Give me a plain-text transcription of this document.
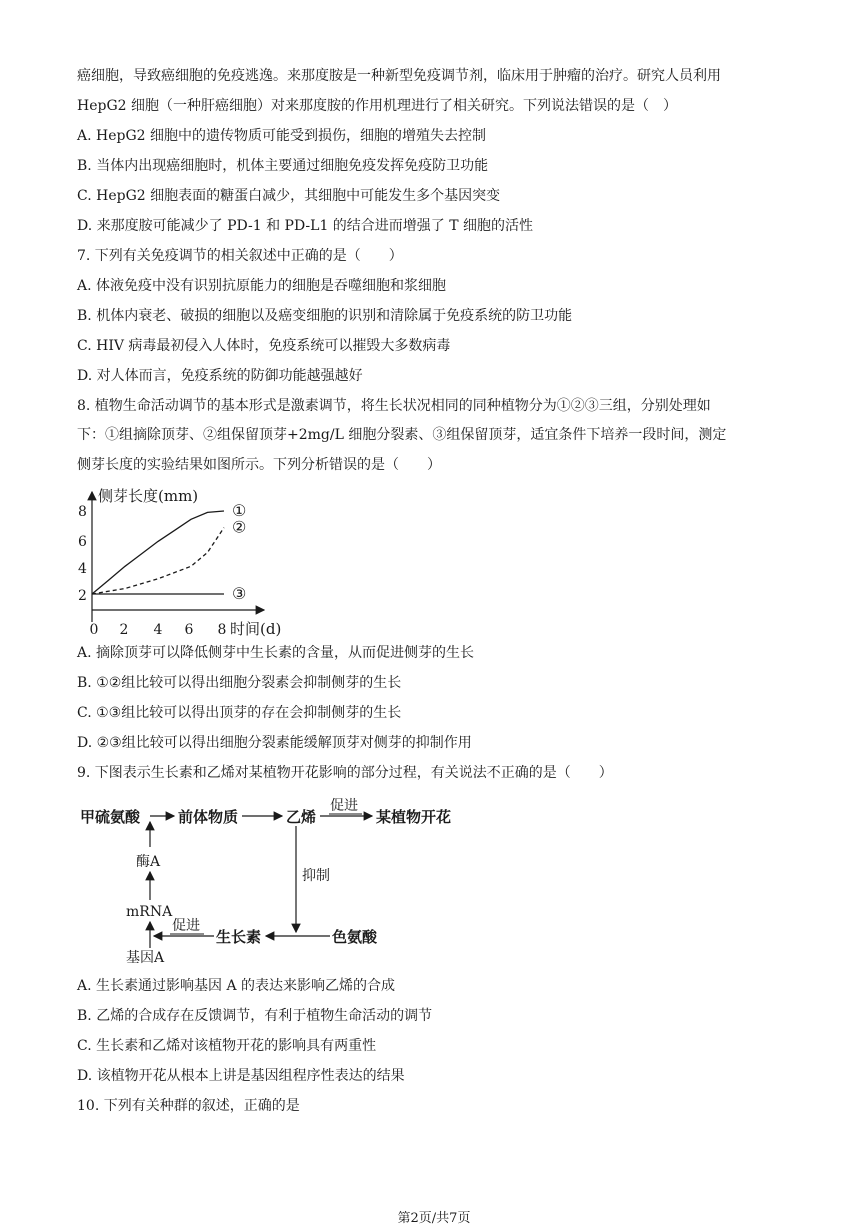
癌细胞，导致癌细胞的免疫逃逸。来那度胺是一种新型免疫调节剂，临床用于肿瘤的治疗。研究人员利用
HepG2 细胞（一种肝癌细胞）对来那度胺的作用机理进行了相关研究。下列说法错误的是（　）
A. HepG2 细胞中的遗传物质可能受到损伤，细胞的增殖失去控制
B. 当体内出现癌细胞时，机体主要通过细胞免疫发挥免疫防卫功能
C. HepG2 细胞表面的糖蛋白减少，其细胞中可能发生多个基因突变
D. 来那度胺可能减少了 PD-1 和 PD-L1 的结合进而增强了 T 细胞的活性
7. 下列有关免疫调节的相关叙述中正确的是（　　）
A. 体液免疫中没有识别抗原能力的细胞是吞噬细胞和浆细胞
B. 机体内衰老、破损的细胞以及癌变细胞的识别和清除属于免疫系统的防卫功能
C. HIV 病毒最初侵入人体时，免疫系统可以摧毁大多数病毒
D. 对人体而言，免疫系统的防御功能越强越好
8. 植物生命活动调节的基本形式是激素调节，将生长状况相同的同种植物分为①②③三组，分别处理如
下：①组摘除顶芽、②组保留顶芽+2mg/L 细胞分裂素、③组保留顶芽，适宜条件下培养一段时间，测定
侧芽长度的实验结果如图所示。下列分析错误的是（　　）
侧芽长度(mm)
时间(d)
0 2 4 6 8
2
4
6
8	①
②
③
A. 摘除顶芽可以降低侧芽中生长素的含量，从而促进侧芽的生长
B. ①②组比较可以得出细胞分裂素会抑制侧芽的生长
C. ①③组比较可以得出顶芽的存在会抑制侧芽的生长
D. ②③组比较可以得出细胞分裂素能缓解顶芽对侧芽的抑制作用
9. 下图表示生长素和乙烯对某植物开花影响的部分过程，有关说法不正确的是（　　）
甲硫氨酸	前体物质	乙烯	某植物开花
促进
抑制
酶A
mRNA
促进
生长素	色氨酸
基因A
A. 生长素通过影响基因 A 的表达来影响乙烯的合成
B. 乙烯的合成存在反馈调节，有利于植物生命活动的调节
C. 生长素和乙烯对该植物开花的影响具有两重性
D. 该植物开花从根本上讲是基因组程序性表达的结果
10. 下列有关种群的叙述，正确的是
第2页/共7页
